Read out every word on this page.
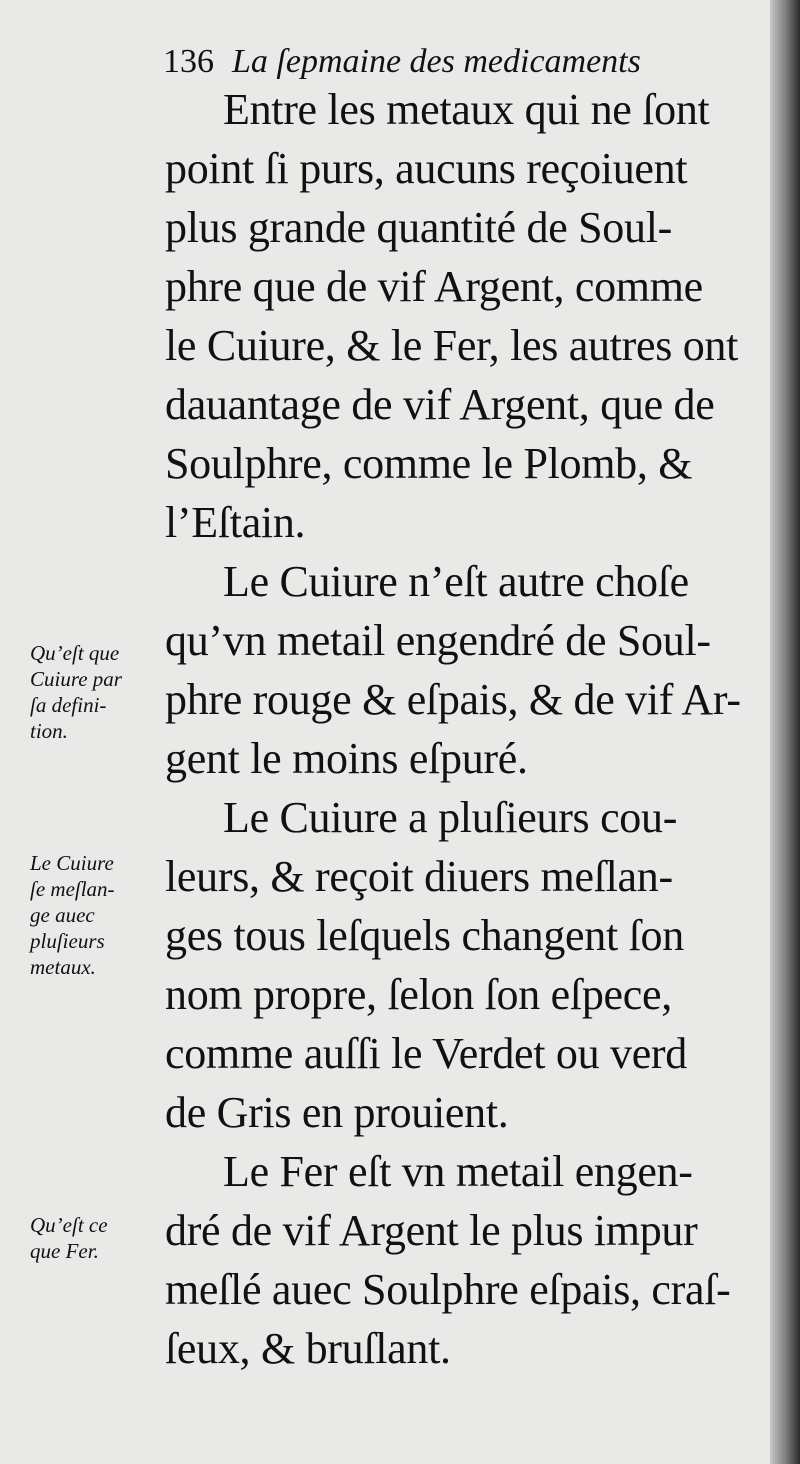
136 La ſepmaine des medicaments
Entre les metaux qui ne ſont
point ſi purs, aucuns reçoiuent
plus grande quantité de Soul-
phre que de vif Argent, comme
le Cuiure, & le Fer, les autres ont
dauantage de vif Argent, que de
Soulphre, comme le Plomb, &
l’Eſtain.
Le Cuiure n’eſt autre choſe
qu’vn metail engendré de Soul-
phre rouge & eſpais, & de vif Ar-
gent le moins eſpuré.
Le Cuiure a pluſieurs cou-
leurs, & reçoit diuers meſlan-
ges tous leſquels changent ſon
nom propre, ſelon ſon eſpece,
comme auſſi le Verdet ou verd
de Gris en prouient.
Le Fer eſt vn metail engen-
dré de vif Argent le plus impur
meſlé auec Soulphre eſpais, craſ-
ſeux, & bruſlant.
Qu’eſt que
Cuiure par
ſa defini-
tion.
Le Cuiure
ſe meſlan-
ge auec
pluſieurs
metaux.
Qu’eſt ce
que Fer.
